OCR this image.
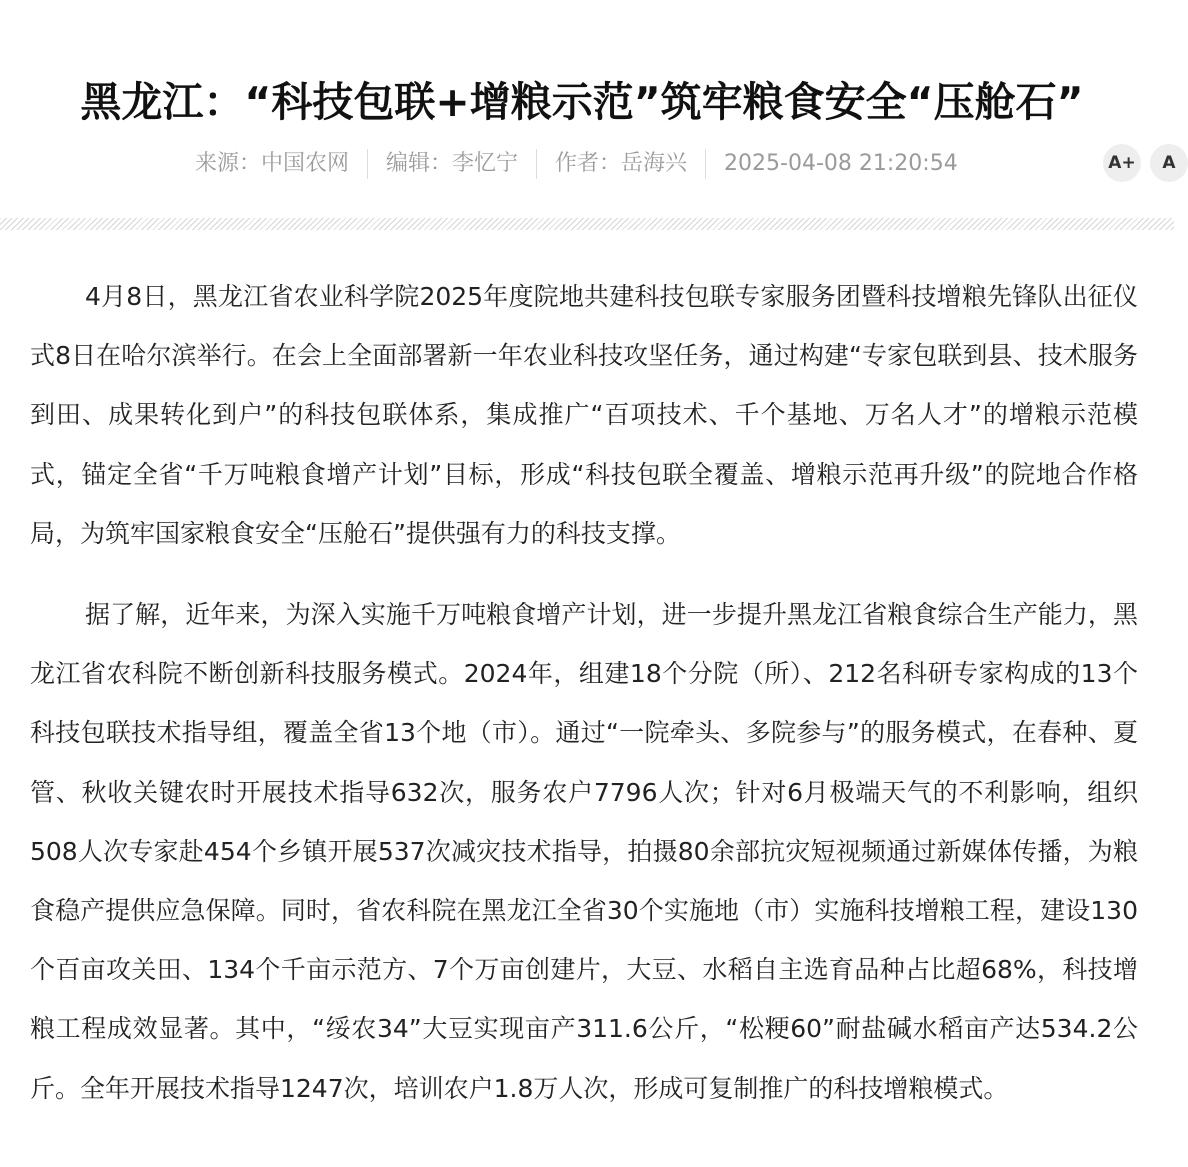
黑龙江：“科技包联+增粮示范”筑牢粮食安全“压舱石”
来源：中国农网	编辑：李忆宁	作者：岳海兴	2025-04-08 21:20:54	A+	A

4月8日，黑龙江省农业科学院2025年度院地共建科技包联专家服务团暨科技增粮先锋队出征仪式8日在哈尔滨举行。在会上全面部署新一年农业科技攻坚任务，通过构建“专家包联到县、技术服务到田、成果转化到户”的科技包联体系，集成推广“百项技术、千个基地、万名人才”的增粮示范模式，锚定全省“千万吨粮食增产计划”目标，形成“科技包联全覆盖、增粮示范再升级”的院地合作格局，为筑牢国家粮食安全“压舱石”提供强有力的科技支撑。

据了解，近年来，为深入实施千万吨粮食增产计划，进一步提升黑龙江省粮食综合生产能力，黑龙江省农科院不断创新科技服务模式。2024年，组建18个分院（所）、212名科研专家构成的13个科技包联技术指导组，覆盖全省13个地（市）。通过“一院牵头、多院参与”的服务模式，在春种、夏管、秋收关键农时开展技术指导632次，服务农户7796人次；针对6月极端天气的不利影响，组织508人次专家赴454个乡镇开展537次减灾技术指导，拍摄80余部抗灾短视频通过新媒体传播，为粮食稳产提供应急保障。同时，省农科院在黑龙江全省30个实施地（市）实施科技增粮工程，建设130个百亩攻关田、134个千亩示范方、7个万亩创建片，大豆、水稻自主选育品种占比超68%，科技增粮工程成效显著。其中，“绥农34”大豆实现亩产311.6公斤，“松粳60”耐盐碱水稻亩产达534.2公斤。全年开展技术指导1247次，培训农户1.8万人次，形成可复制推广的科技增粮模式。
